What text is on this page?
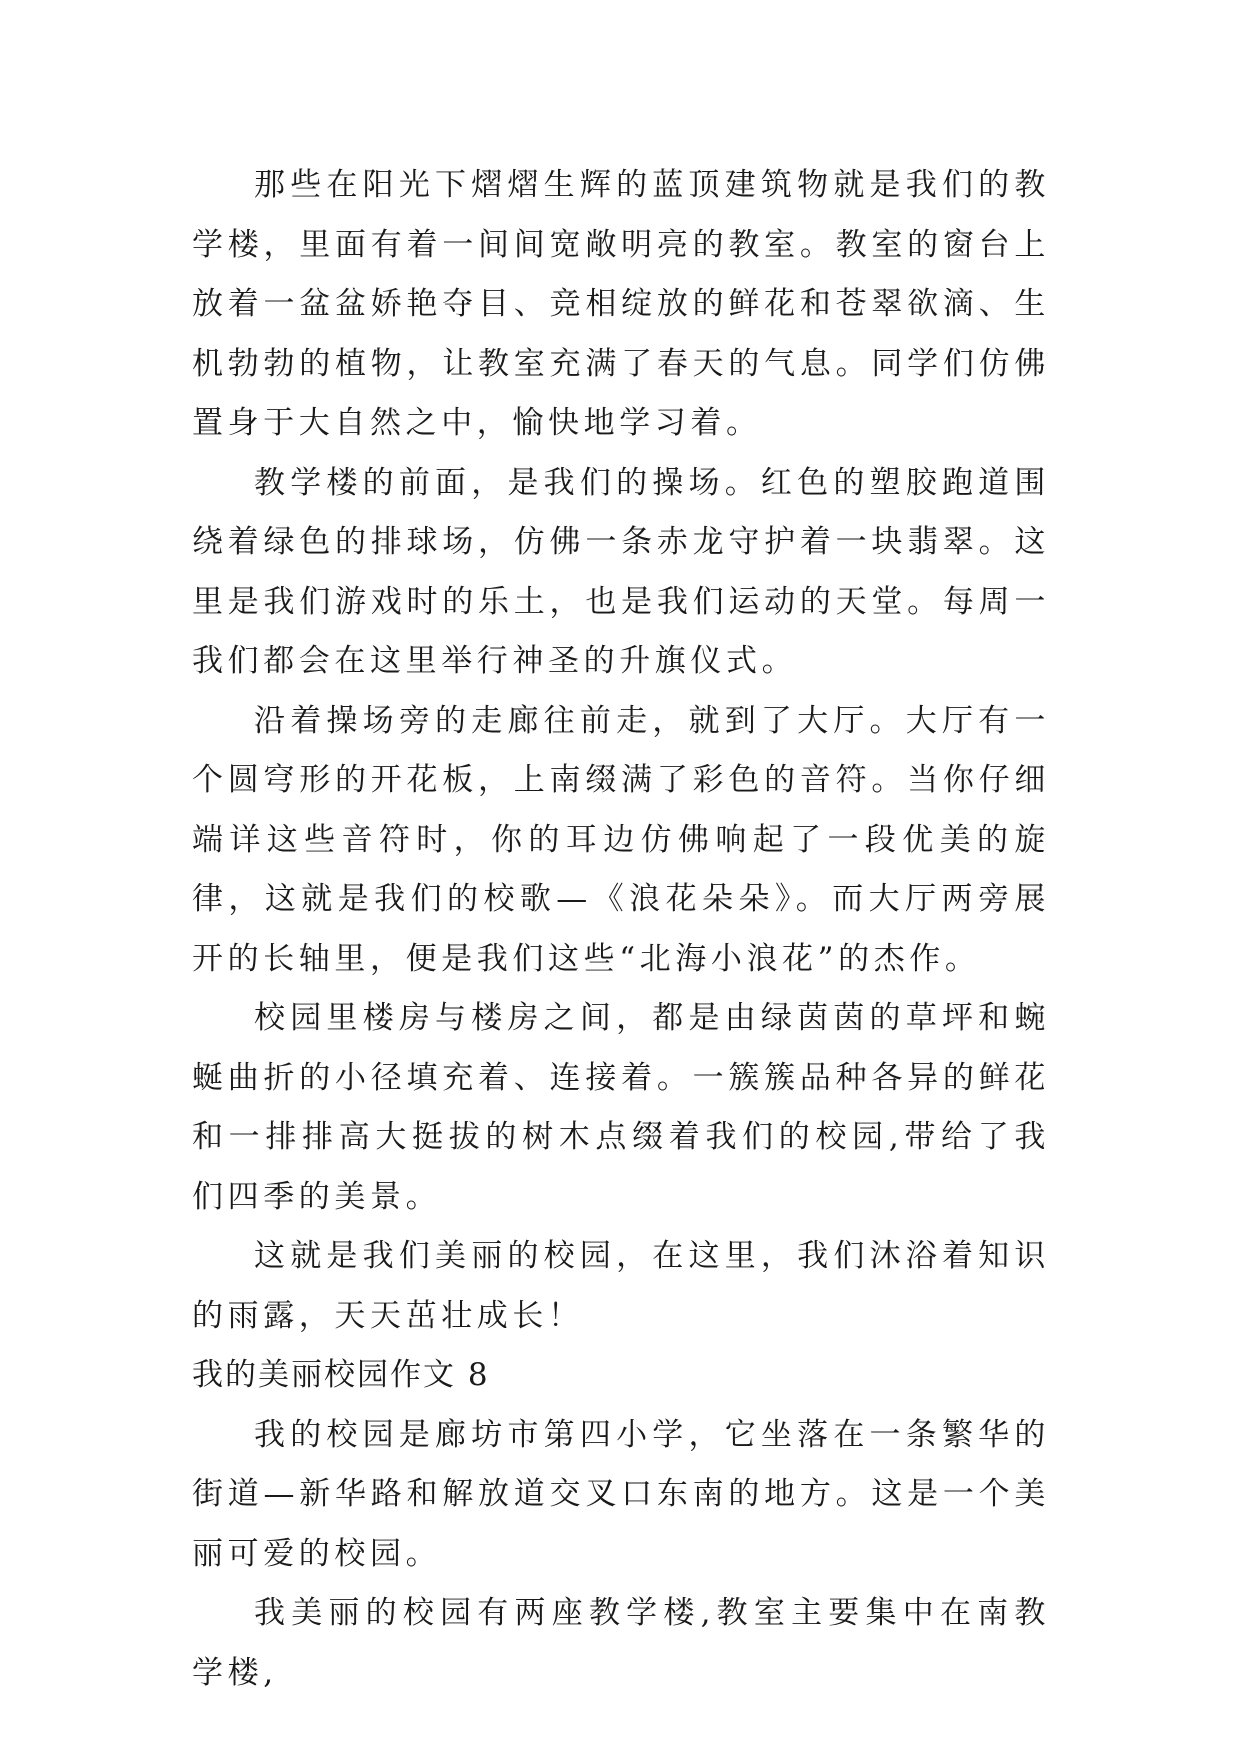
那些在阳光下熠熠生辉的蓝顶建筑物就是我们的教学楼，里面有着一间间宽敞明亮的教室。教室的窗台上放着一盆盆娇艳夺目、竞相绽放的鲜花和苍翠欲滴、生机勃勃的植物，让教室充满了春天的气息。同学们仿佛置身于大自然之中，愉快地学习着。

教学楼的前面，是我们的操场。红色的塑胶跑道围绕着绿色的排球场，仿佛一条赤龙守护着一块翡翠。这里是我们游戏时的乐土，也是我们运动的天堂。每周一我们都会在这里举行神圣的升旗仪式。

沿着操场旁的走廊往前走，就到了大厅。大厅有一个圆穹形的开花板，上南缀满了彩色的音符。当你仔细端详这些音符时，你的耳边仿佛响起了一段优美的旋律，这就是我们的校歌—《浪花朵朵》。而大厅两旁展开的长轴里，便是我们这些“北海小浪花”的杰作。

校园里楼房与楼房之间，都是由绿茵茵的草坪和蜿蜒曲折的小径填充着、连接着。一簇簇品种各异的鲜花和一排排高大挺拔的树木点缀着我们的校园,带给了我们四季的美景。

这就是我们美丽的校园，在这里，我们沐浴着知识的雨露，天天茁壮成长！

我的美丽校园作文 8

我的校园是廊坊市第四小学，它坐落在一条繁华的街道—新华路和解放道交叉口东南的地方。这是一个美丽可爱的校园。

我美丽的校园有两座教学楼,教室主要集中在南教学楼,
